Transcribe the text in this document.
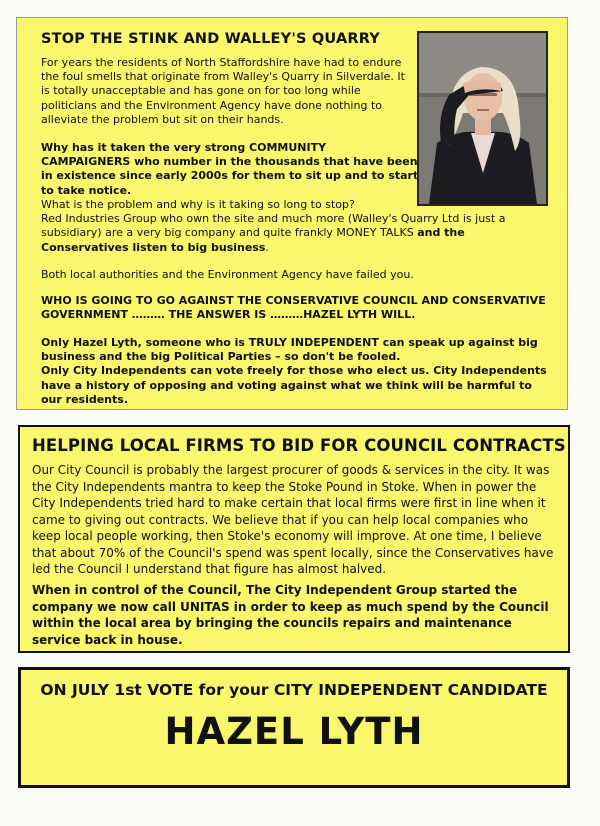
STOP THE STINK AND WALLEY'S QUARRY

For years the residents of North Staffordshire have had to endure the foul smells that originate from Walley's Quarry in Silverdale. It is totally unacceptable and has gone on for too long while politicians and the Environment Agency have done nothing to alleviate the problem but sit on their hands.

Why has it taken the very strong COMMUNITY CAMPAIGNERS who number in the thousands that have been in existence since early 2000s for them to sit up and to start to take notice.

What is the problem and why is it taking so long to stop?
Red Industries Group who own the site and much more (Walley's Quarry Ltd is just a subsidiary) are a very big company and quite frankly MONEY TALKS and the Conservatives listen to big business.

Both local authorities and the Environment Agency have failed you.

WHO IS GOING TO GO AGAINST THE CONSERVATIVE COUNCIL AND CONSERVATIVE GOVERNMENT ……… THE ANSWER IS ………HAZEL LYTH WILL.

Only Hazel Lyth, someone who is TRULY INDEPENDENT can speak up against big business and the big Political Parties – so don't be fooled.
Only City Independents can vote freely for those who elect us. City Independents have a history of opposing and voting against what we think will be harmful to our residents.

HELPING LOCAL FIRMS TO BID FOR COUNCIL CONTRACTS

Our City Council is probably the largest procurer of goods & services in the city. It was the City Independents mantra to keep the Stoke Pound in Stoke. When in power the City Independents tried hard to make certain that local firms were first in line when it came to giving out contracts. We believe that if you can help local companies who keep local people working, then Stoke's economy will improve. At one time, I believe that about 70% of the Council's spend was spent locally, since the Conservatives have led the Council I understand that figure has almost halved.

When in control of the Council, The City Independent Group started the company we now call UNITAS in order to keep as much spend by the Council within the local area by bringing the councils repairs and maintenance service back in house.

ON JULY 1st VOTE for your CITY INDEPENDENT CANDIDATE
HAZEL LYTH
